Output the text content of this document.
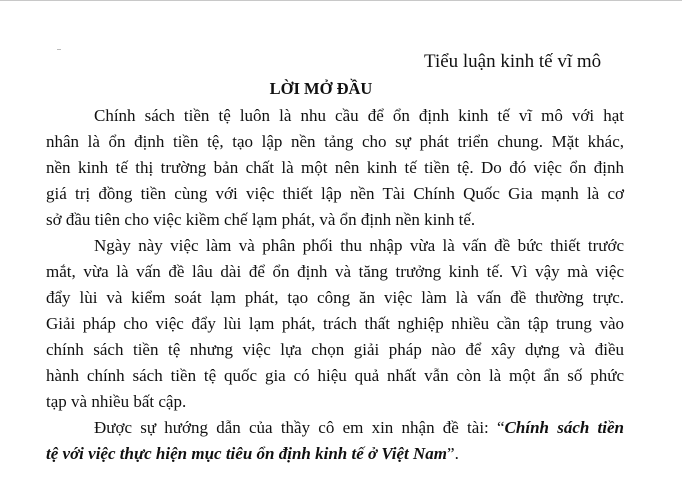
Tiểu luận kinh tế vĩ mô
LỜI MỞ ĐẦU

Chính sách tiền tệ luôn là nhu cầu để ổn định kinh tế vĩ mô với hạt
nhân là ổn định tiền tệ, tạo lập nền tảng cho sự phát triển chung. Mặt khác,
nền kinh tế thị trường bản chất là một nên kinh tế tiền tệ. Do đó việc ổn định
giá trị đồng tiền cùng với việc thiết lập nền Tài Chính Quốc Gia mạnh là cơ
sở đầu tiên cho việc kiềm chế lạm phát, và ổn định nền kinh tế.

Ngày này việc làm và phân phối thu nhập vừa là vấn đề bức thiết trước
mắt, vừa là vấn đề lâu dài để ổn định và tăng trưởng kinh tế. Vì vậy mà việc
đẩy lùi và kiểm soát lạm phát, tạo công ăn việc làm là vấn đề thường trực.
Giải pháp cho việc đẩy lùi lạm phát, trách thất nghiệp nhiều cần tập trung vào
chính sách tiền tệ nhưng việc lựa chọn giải pháp nào để xây dựng và điều
hành chính sách tiền tệ quốc gia có hiệu quả nhất vẫn còn là một ẩn số phức
tạp và nhiều bất cập.

Được sự hướng dẫn của thầy cô em xin nhận đề tài: “Chính sách tiền
tệ với việc thực hiện mục tiêu ổn định kinh tế ở Việt Nam”.
